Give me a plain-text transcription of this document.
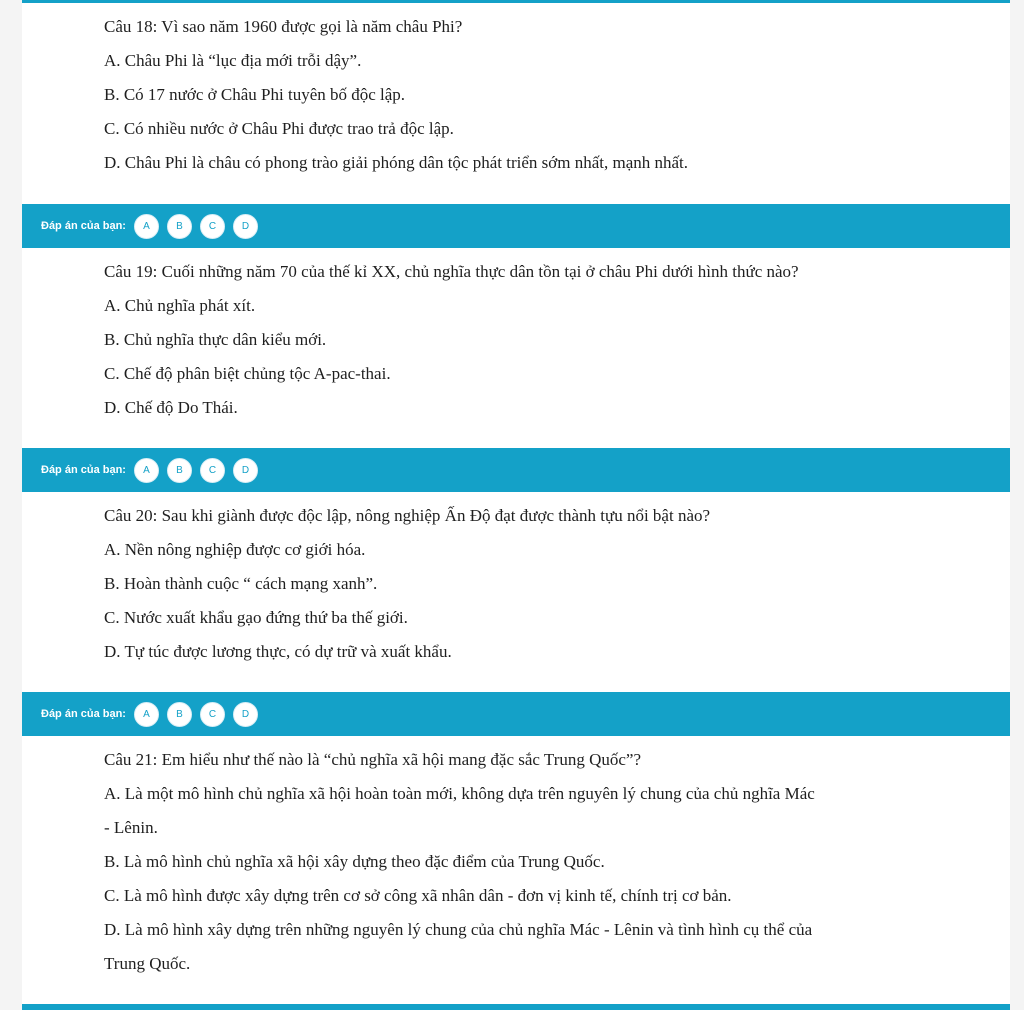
Câu 18: Vì sao năm 1960 được gọi là năm châu Phi?
A. Châu Phi là “lục địa mới trỗi dậy”.
B. Có 17 nước ở Châu Phi tuyên bố độc lập.
C. Có nhiều nước ở Châu Phi được trao trả độc lập.
D. Châu Phi là châu có phong trào giải phóng dân tộc phát triển sớm nhất, mạnh nhất.
Đáp án của bạn:	A	B	C	D
Câu 19: Cuối những năm 70 của thế kỉ XX, chủ nghĩa thực dân tồn tại ở châu Phi dưới hình thức nào?
A. Chủ nghĩa phát xít.
B. Chủ nghĩa thực dân kiểu mới.
C. Chế độ phân biệt chủng tộc A-pac-thai.
D. Chế độ Do Thái.
Đáp án của bạn:	A	B	C	D
Câu 20: Sau khi giành được độc lập, nông nghiệp Ấn Độ đạt được thành tựu nổi bật nào?
A. Nền nông nghiệp được cơ giới hóa.
B. Hoàn thành cuộc “ cách mạng xanh”.
C. Nước xuất khẩu gạo đứng thứ ba thế giới.
D. Tự túc được lương thực, có dự trữ và xuất khẩu.
Đáp án của bạn:	A	B	C	D
Câu 21: Em hiểu như thế nào là “chủ nghĩa xã hội mang đặc sắc Trung Quốc”?
A. Là một mô hình chủ nghĩa xã hội hoàn toàn mới, không dựa trên nguyên lý chung của chủ nghĩa Mác
- Lênin.
B. Là mô hình chủ nghĩa xã hội xây dựng theo đặc điểm của Trung Quốc.
C. Là mô hình được xây dựng trên cơ sở công xã nhân dân - đơn vị kinh tế, chính trị cơ bản.
D. Là mô hình xây dựng trên những nguyên lý chung của chủ nghĩa Mác - Lênin và tình hình cụ thể của
Trung Quốc.
